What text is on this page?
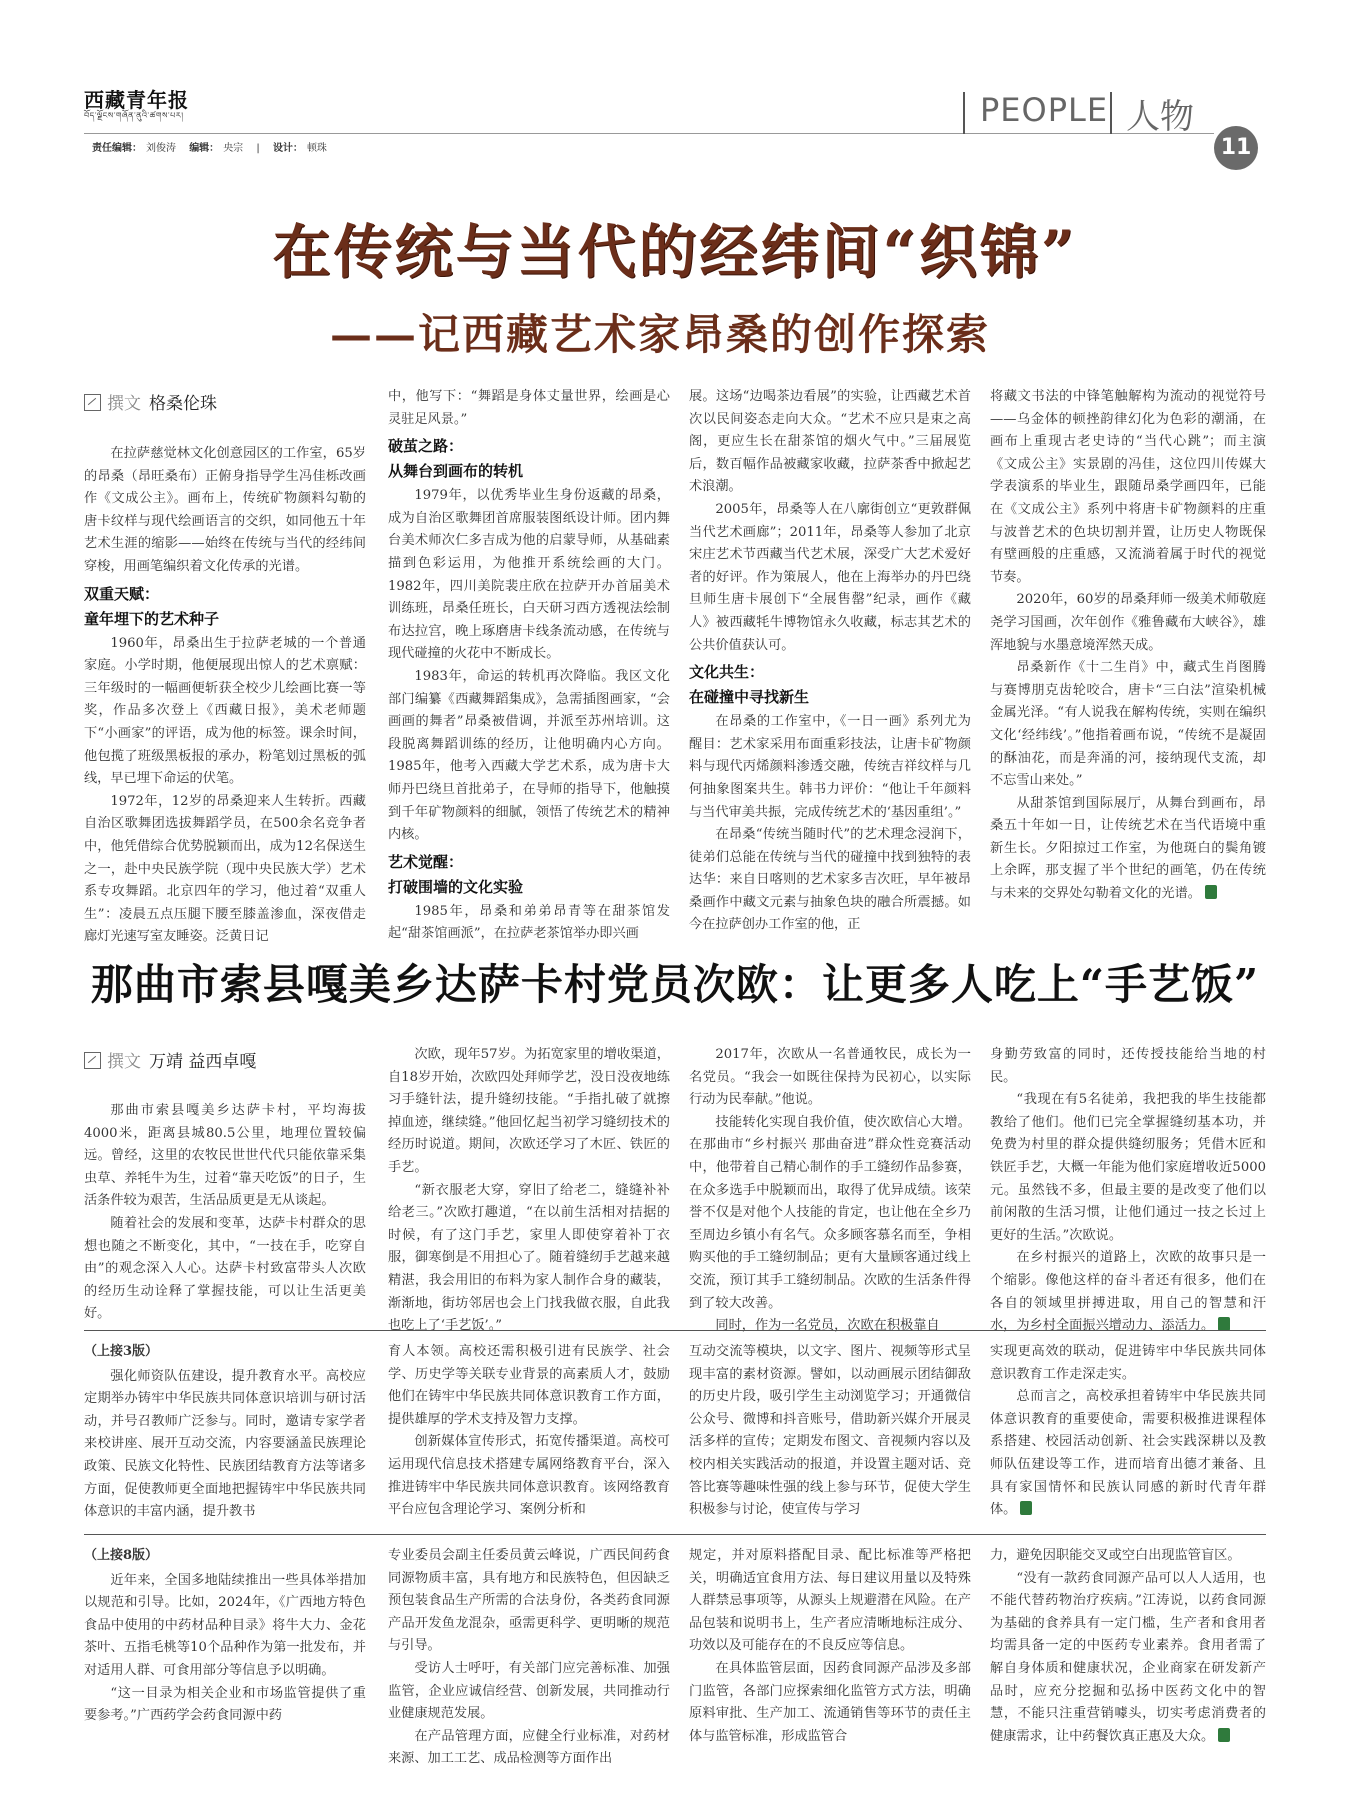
西藏青年报
བོད་ལྗོངས་གཞོན་ནུའི་ཚགས་པར།
责任编辑： 刘俊涛 编辑： 央宗 | 设计： 顿珠
PEOPLE 人物
11
在传统与当代的经纬间“织锦”
——记西藏艺术家昂桑的创作探索
撰文 格桑伦珠

在拉萨慈觉林文化创意园区的工作室，65岁的昂桑（昂旺桑布）正俯身指导学生冯佳栎改画作《文成公主》。画布上，传统矿物颜料勾勒的唐卡纹样与现代绘画语言的交织，如同他五十年艺术生涯的缩影——始终在传统与当代的经纬间穿梭，用画笔编织着文化传承的光谱。

双重天赋：
童年埋下的艺术种子

1960年，昂桑出生于拉萨老城的一个普通家庭。小学时期，他便展现出惊人的艺术禀赋：三年级时的一幅画便斩获全校少儿绘画比赛一等奖，作品多次登上《西藏日报》，美术老师题下“小画家”的评语，成为他的标签。课余时间，他包揽了班级黑板报的承办，粉笔划过黑板的弧线，早已埋下命运的伏笔。

1972年，12岁的昂桑迎来人生转折。西藏自治区歌舞团选拔舞蹈学员，在500余名竞争者中，他凭借综合优势脱颖而出，成为12名保送生之一，赴中央民族学院（现中央民族大学）艺术系专攻舞蹈。北京四年的学习，他过着“双重人生”：凌晨五点压腿下腰至膝盖渗血，深夜借走廊灯光速写室友睡姿。泛黄日记

中，他写下：“舞蹈是身体丈量世界，绘画是心灵驻足风景。”

破茧之路：
从舞台到画布的转机

1979年，以优秀毕业生身份返藏的昂桑，成为自治区歌舞团首席服装图纸设计师。团内舞台美术师次仁多吉成为他的启蒙导师，从基础素描到色彩运用，为他推开系统绘画的大门。1982年，四川美院裴庄欣在拉萨开办首届美术训练班，昂桑任班长，白天研习西方透视法绘制布达拉宫，晚上琢磨唐卡线条流动感，在传统与现代碰撞的火花中不断成长。

1983年，命运的转机再次降临。我区文化部门编纂《西藏舞蹈集成》，急需插图画家，“会画画的舞者”昂桑被借调，并派至苏州培训。这段脱离舞蹈训练的经历，让他明确内心方向。1985年，他考入西藏大学艺术系，成为唐卡大师丹巴绕旦首批弟子，在导师的指导下，他触摸到千年矿物颜料的细腻，领悟了传统艺术的精神内核。

艺术觉醒：
打破围墙的文化实验

1985年，昂桑和弟弟昂青等在甜茶馆发起“甜茶馆画派”，在拉萨老茶馆举办即兴画

展。这场“边喝茶边看展”的实验，让西藏艺术首次以民间姿态走向大众。“艺术不应只是束之高阁，更应生长在甜茶馆的烟火气中。”三届展览后，数百幅作品被藏家收藏，拉萨茶香中掀起艺术浪潮。

2005年，昂桑等人在八廓街创立“更敦群佩当代艺术画廊”；2011年，昂桑等人参加了北京宋庄艺术节西藏当代艺术展，深受广大艺术爱好者的好评。作为策展人，他在上海举办的丹巴绕旦师生唐卡展创下“全展售罄”纪录，画作《藏人》被西藏牦牛博物馆永久收藏，标志其艺术的公共价值获认可。

文化共生：
在碰撞中寻找新生

在昂桑的工作室中，《一日一画》系列尤为醒目：艺术家采用布面重彩技法，让唐卡矿物颜料与现代丙烯颜料渗透交融，传统吉祥纹样与几何抽象图案共生。韩书力评价：“他让千年颜料与当代审美共振，完成传统艺术的‘基因重组’。”

在昂桑“传统当随时代”的艺术理念浸润下，徒弟们总能在传统与当代的碰撞中找到独特的表达华：来自日喀则的艺术家多吉次旺，早年被昂桑画作中藏文元素与抽象色块的融合所震撼。如今在拉萨创办工作室的他，正

将藏文书法的中锋笔触解构为流动的视觉符号——乌金体的顿挫韵律幻化为色彩的潮涌，在画布上重现古老史诗的“当代心跳”；而主演《文成公主》实景剧的冯佳，这位四川传媒大学表演系的毕业生，跟随昂桑学画四年，已能在《文成公主》系列中将唐卡矿物颜料的庄重与波普艺术的色块切割并置，让历史人物既保有壁画般的庄重感，又流淌着属于时代的视觉节奏。

2020年，60岁的昂桑拜师一级美术师敬庭尧学习国画，次年创作《雅鲁藏布大峡谷》，雄浑地貌与水墨意境浑然天成。

昂桑新作《十二生肖》中，藏式生肖图腾与赛博朋克齿轮咬合，唐卡“三白法”渲染机械金属光泽。“有人说我在解构传统，实则在编织文化‘经纬线’。”他指着画布说，“传统不是凝固的酥油花，而是奔涌的河，接纳现代支流，却不忘雪山来处。”

从甜茶馆到国际展厅，从舞台到画布，昂桑五十年如一日，让传统艺术在当代语境中重新生长。夕阳掠过工作室，为他斑白的鬓角镀上余晖，那支握了半个世纪的画笔，仍在传统与未来的交界处勾勒着文化的光谱。

那曲市索县嘎美乡达萨卡村党员次欧：让更多人吃上“手艺饭”
撰文 万靖 益西卓嘎

那曲市索县嘎美乡达萨卡村，平均海拔4000米，距离县城80.5公里，地理位置较偏远。曾经，这里的农牧民世世代代只能依靠采集虫草、养牦牛为生，过着“靠天吃饭”的日子，生活条件较为艰苦，生活品质更是无从谈起。

随着社会的发展和变革，达萨卡村群众的思想也随之不断变化，其中，“一技在手，吃穿自由”的观念深入人心。达萨卡村致富带头人次欧的经历生动诠释了掌握技能，可以让生活更美好。

次欧，现年57岁。为拓宽家里的增收渠道，自18岁开始，次欧四处拜师学艺，没日没夜地练习手缝针法，提升缝纫技能。“手指扎破了就擦掉血迹，继续缝。”他回忆起当初学习缝纫技术的经历时说道。期间，次欧还学习了木匠、铁匠的手艺。

“新衣服老大穿，穿旧了给老二，缝缝补补给老三。”次欧打趣道，“在以前生活相对拮据的时候，有了这门手艺，家里人即使穿着补丁衣服，御寒倒是不用担心了。随着缝纫手艺越来越精湛，我会用旧的布料为家人制作合身的藏装，渐渐地，街坊邻居也会上门找我做衣服，自此我也吃上了‘手艺饭’。”

2017年，次欧从一名普通牧民，成长为一名党员。“我会一如既往保持为民初心，以实际行动为民奉献。”他说。

技能转化实现自我价值，使次欧信心大增。在那曲市“乡村振兴 那曲奋进”群众性竞赛活动中，他带着自己精心制作的手工缝纫作品参赛，在众多选手中脱颖而出，取得了优异成绩。该荣誉不仅是对他个人技能的肯定，也让他在全乡乃至周边乡镇小有名气。众多顾客慕名而至，争相购买他的手工缝纫制品；更有大量顾客通过线上交流，预订其手工缝纫制品。次欧的生活条件得到了较大改善。

同时，作为一名党员，次欧在积极靠自

身勤劳致富的同时，还传授技能给当地的村民。

“我现在有5名徒弟，我把我的毕生技能都教给了他们。他们已完全掌握缝纫基本功，并免费为村里的群众提供缝纫服务；凭借木匠和铁匠手艺，大概一年能为他们家庭增收近5000元。虽然钱不多，但最主要的是改变了他们以前闲散的生活习惯，让他们通过一技之长过上更好的生活。”次欧说。

在乡村振兴的道路上，次欧的故事只是一个缩影。像他这样的奋斗者还有很多，他们在各自的领域里拼搏进取，用自己的智慧和汗水，为乡村全面振兴增动力、添活力。

（上接3版）

强化师资队伍建设，提升教育水平。高校应定期举办铸牢中华民族共同体意识培训与研讨活动，并号召教师广泛参与。同时，邀请专家学者来校讲座、展开互动交流，内容要涵盖民族理论政策、民族文化特性、民族团结教育方法等诸多方面，促使教师更全面地把握铸牢中华民族共同体意识的丰富内涵，提升教书

育人本领。高校还需积极引进有民族学、社会学、历史学等关联专业背景的高素质人才，鼓励他们在铸牢中华民族共同体意识教育工作方面，提供雄厚的学术支持及智力支撑。

创新媒体宣传形式，拓宽传播渠道。高校可运用现代信息技术搭建专属网络教育平台，深入推进铸牢中华民族共同体意识教育。该网络教育平台应包含理论学习、案例分析和

互动交流等模块，以文字、图片、视频等形式呈现丰富的素材资源。譬如，以动画展示团结御敌的历史片段，吸引学生主动浏览学习；开通微信公众号、微博和抖音账号，借助新兴媒介开展灵活多样的宣传；定期发布图文、音视频内容以及校内相关实践活动的报道，并设置主题对话、竞答比赛等趣味性强的线上参与环节，促使大学生积极参与讨论，使宣传与学习

实现更高效的联动，促进铸牢中华民族共同体意识教育工作走深走实。

总而言之，高校承担着铸牢中华民族共同体意识教育的重要使命，需要积极推进课程体系搭建、校园活动创新、社会实践深耕以及教师队伍建设等工作，进而培育出德才兼备、且具有家国情怀和民族认同感的新时代青年群体。

（上接8版）

近年来，全国多地陆续推出一些具体举措加以规范和引导。比如，2024年，《广西地方特色食品中使用的中药材品种目录》将牛大力、金花茶叶、五指毛桃等10个品种作为第一批发布，并对适用人群、可食用部分等信息予以明确。

“这一目录为相关企业和市场监管提供了重要参考。”广西药学会药食同源中药

专业委员会副主任委员黄云峰说，广西民间药食同源物质丰富，具有地方和民族特色，但因缺乏预包装食品生产所需的合法身份，各类药食同源产品开发鱼龙混杂，亟需更科学、更明晰的规范与引导。

受访人士呼吁，有关部门应完善标准、加强监管，企业应诚信经营、创新发展，共同推动行业健康规范发展。

在产品管理方面，应健全行业标准，对药材来源、加工工艺、成品检测等方面作出

规定，并对原料搭配目录、配比标准等严格把关，明确适宜食用方法、每日建议用量以及特殊人群禁忌事项等，从源头上规避潜在风险。在产品包装和说明书上，生产者应清晰地标注成分、功效以及可能存在的不良反应等信息。

在具体监管层面，因药食同源产品涉及多部门监管，各部门应探索细化监管方式方法，明确原料审批、生产加工、流通销售等环节的责任主体与监管标准，形成监管合

力，避免因职能交叉或空白出现监管盲区。

“没有一款药食同源产品可以人人适用，也不能代替药物治疗疾病。”江涛说，以药食同源为基础的食养具有一定门槛，生产者和食用者均需具备一定的中医药专业素养。食用者需了解自身体质和健康状况，企业商家在研发新产品时，应充分挖掘和弘扬中医药文化中的智慧，不能只注重营销噱头，切实考虑消费者的健康需求，让中药餐饮真正惠及大众。
